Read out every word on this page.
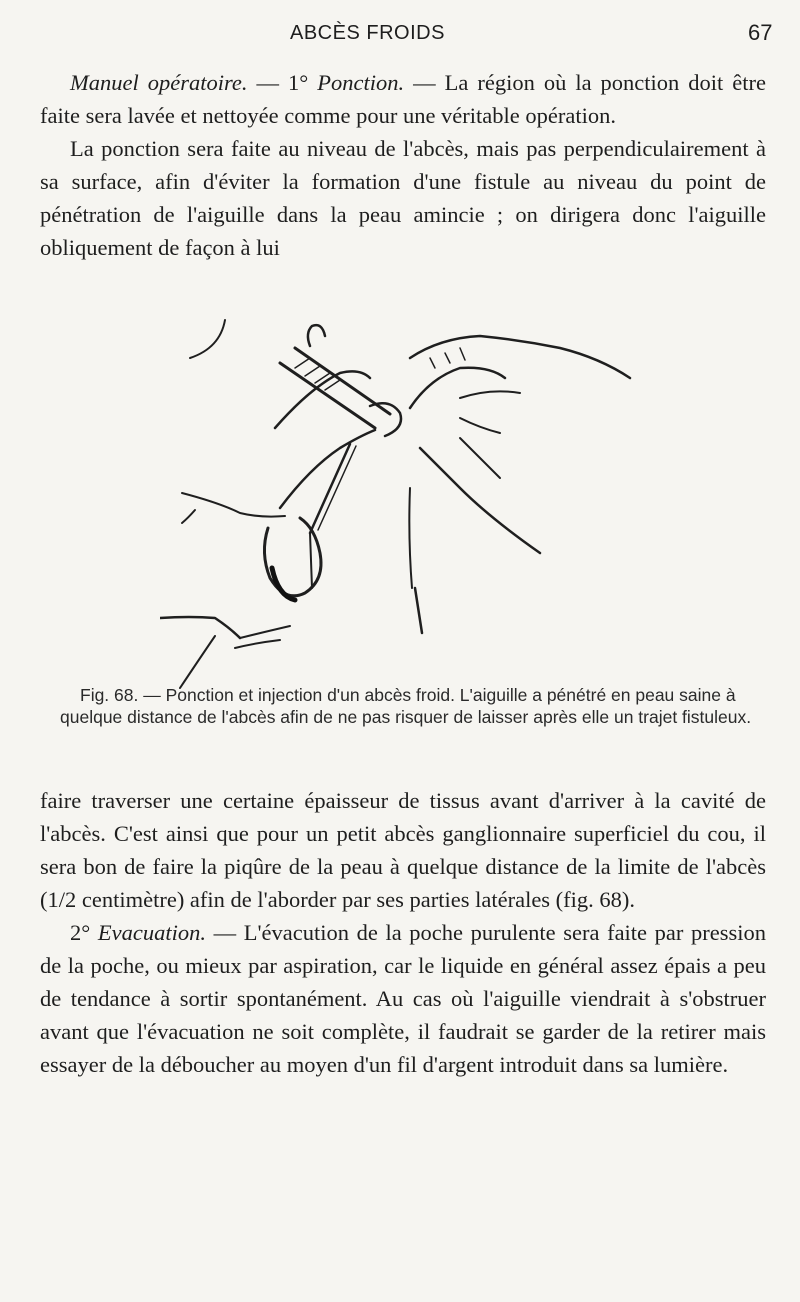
ABCÈS FROIDS	67

Manuel opératoire. — 1° Ponction. — La région où la ponction doit être faite sera lavée et nettoyée comme pour une véritable opération.

La ponction sera faite au niveau de l'abcès, mais pas perpendiculairement à sa surface, afin d'éviter la formation d'une fistule au niveau du point de pénétration de l'aiguille dans la peau amincie ; on dirigera donc l'aiguille obliquement de façon à lui

Fig. 68. — Ponction et injection d'un abcès froid. L'aiguille a pénétré en peau saine à quelque distance de l'abcès afin de ne pas risquer de laisser après elle un trajet fistuleux.

faire traverser une certaine épaisseur de tissus avant d'arriver à la cavité de l'abcès. C'est ainsi que pour un petit abcès ganglionnaire superficiel du cou, il sera bon de faire la piqûre de la peau à quelque distance de la limite de l'abcès (1/2 centimètre) afin de l'aborder par ses parties latérales (fig. 68).

2° Evacuation. — L'évacution de la poche purulente sera faite par pression de la poche, ou mieux par aspiration, car le liquide en général assez épais a peu de tendance à sortir spontanément. Au cas où l'aiguille viendrait à s'obstruer avant que l'évacuation ne soit complète, il faudrait se garder de la retirer mais essayer de la déboucher au moyen d'un fil d'argent introduit dans sa lumière.
